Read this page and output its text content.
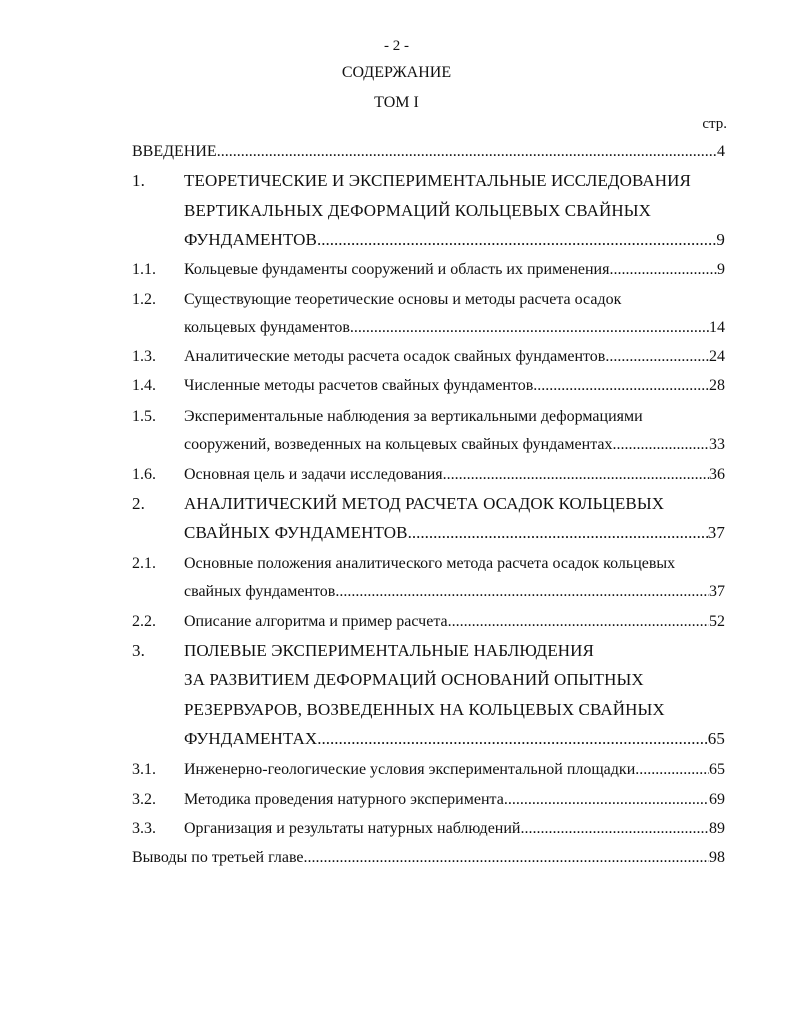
- 2 -
СОДЕРЖАНИЕ
ТОМ I
стр.
ВВЕДЕНИЕ .....	4
1. ТЕОРЕТИЧЕСКИЕ И ЭКСПЕРИМЕНТАЛЬНЫЕ ИССЛЕДОВАНИЯ
ВЕРТИКАЛЬНЫХ ДЕФОРМАЦИЙ КОЛЬЦЕВЫХ СВАЙНЫХ
ФУНДАМЕНТОВ .....	9
1.1. Кольцевые фундаменты сооружений и область их применения .....	9
1.2. Существующие теоретические основы и методы расчета осадок
кольцевых фундаментов .....	14
1.3. Аналитические методы расчета осадок свайных фундаментов .....	24
1.4. Численные методы расчетов свайных фундаментов .....	28
1.5. Экспериментальные наблюдения за вертикальными деформациями
сооружений, возведенных на кольцевых свайных фундаментах .....	33
1.6. Основная цель и задачи исследования .....	36
2. АНАЛИТИЧЕСКИЙ МЕТОД РАСЧЕТА ОСАДОК КОЛЬЦЕВЫХ
СВАЙНЫХ ФУНДАМЕНТОВ .....	37
2.1. Основные положения аналитического метода расчета осадок кольцевых
свайных фундаментов .....	37
2.2. Описание алгоритма и пример расчета .....	52
3. ПОЛЕВЫЕ ЭКСПЕРИМЕНТАЛЬНЫЕ НАБЛЮДЕНИЯ
ЗА РАЗВИТИЕМ ДЕФОРМАЦИЙ ОСНОВАНИЙ ОПЫТНЫХ
РЕЗЕРВУАРОВ, ВОЗВЕДЕННЫХ НА КОЛЬЦЕВЫХ СВАЙНЫХ
ФУНДАМЕНТАХ .....	65
3.1. Инженерно-геологические условия экспериментальной площадки .....	65
3.2. Методика проведения натурного эксперимента .....	69
3.3. Организация и результаты натурных наблюдений .....	89
Выводы по третьей главе .....	98
